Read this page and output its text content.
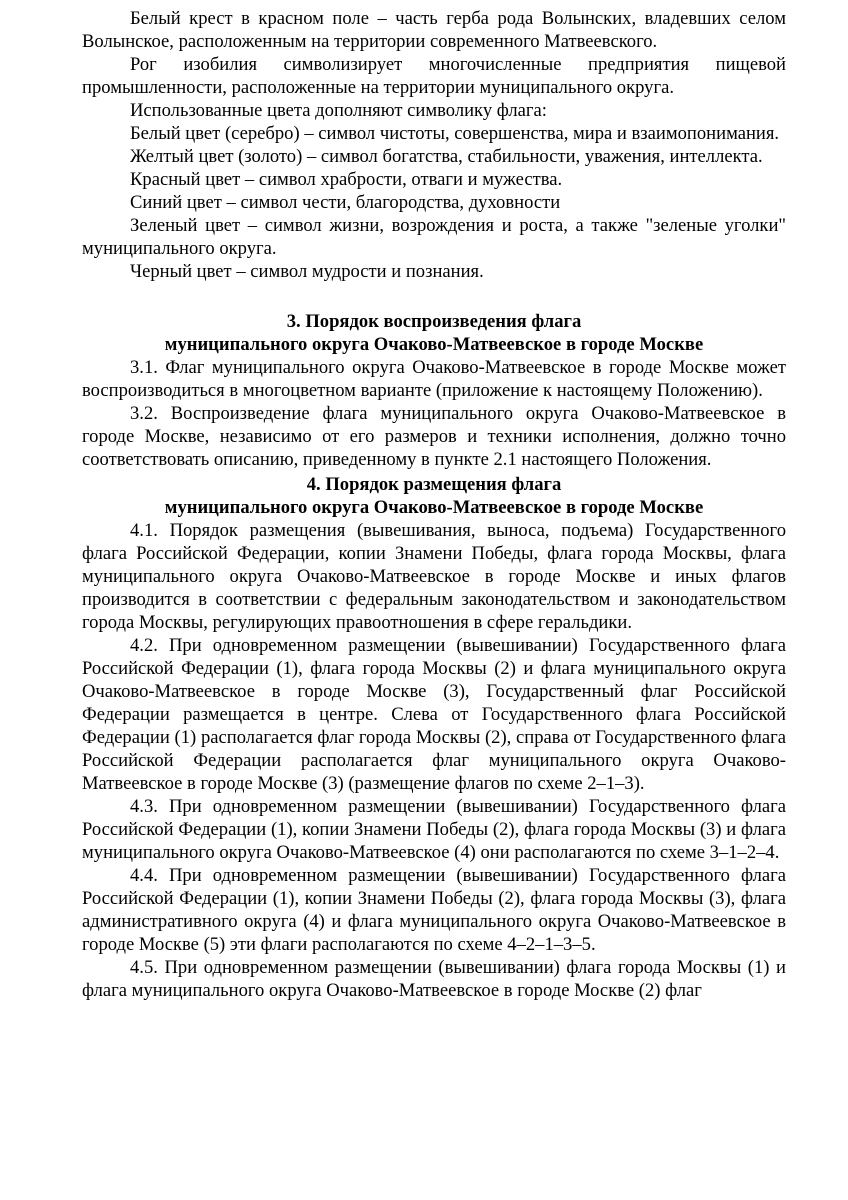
Белый крест в красном поле – часть герба рода Волынских, владевших селом Волынское, расположенным на территории современного Матвеевского.

Рог изобилия символизирует многочисленные предприятия пищевой промышленности, расположенные на территории муниципального округа.

Использованные цвета дополняют символику флага:

Белый цвет (серебро) – символ чистоты, совершенства, мира и взаимопонимания.

Желтый цвет (золото) – символ богатства, стабильности, уважения, интеллекта.

Красный цвет – символ храбрости, отваги и мужества.

Синий цвет – символ чести, благородства, духовности

Зеленый цвет – символ жизни, возрождения и роста, а также "зеленые уголки" муниципального округа.

Черный цвет – символ мудрости и познания.

3. Порядок воспроизведения флага
муниципального округа Очаково-Матвеевское в городе Москве

3.1. Флаг муниципального округа Очаково-Матвеевское в городе Москве может воспроизводиться в многоцветном варианте (приложение к настоящему Положению).

3.2. Воспроизведение флага муниципального округа Очаково-Матвеевское в городе Москве, независимо от его размеров и техники исполнения, должно точно соответствовать описанию, приведенному в пункте 2.1 настоящего Положения.

4. Порядок размещения флага
муниципального округа Очаково-Матвеевское в городе Москве

4.1. Порядок размещения (вывешивания, выноса, подъема) Государственного флага Российской Федерации, копии Знамени Победы, флага города Москвы, флага муниципального округа Очаково-Матвеевское в городе Москве и иных флагов производится в соответствии с федеральным законодательством и законодательством города Москвы, регулирующих правоотношения в сфере геральдики.

4.2. При одновременном размещении (вывешивании) Государственного флага Российской Федерации (1), флага города Москвы (2) и флага муниципального округа Очаково-Матвеевское в городе Москве (3), Государственный флаг Российской Федерации размещается в центре. Слева от Государственного флага Российской Федерации (1) располагается флаг города Москвы (2), справа от Государственного флага Российской Федерации располагается флаг муниципального округа Очаково-Матвеевское в городе Москве (3) (размещение флагов по схеме 2–1–3).

4.3. При одновременном размещении (вывешивании) Государственного флага Российской Федерации (1), копии Знамени Победы (2), флага города Москвы (3) и флага муниципального округа Очаково-Матвеевское (4) они располагаются по схеме 3–1–2–4.

4.4. При одновременном размещении (вывешивании) Государственного флага Российской Федерации (1), копии Знамени Победы (2), флага города Москвы (3), флага административного округа (4) и флага муниципального округа Очаково-Матвеевское в городе Москве (5) эти флаги располагаются по схеме 4–2–1–3–5.

4.5. При одновременном размещении (вывешивании) флага города Москвы (1) и флага муниципального округа Очаково-Матвеевское в городе Москве (2) флаг
